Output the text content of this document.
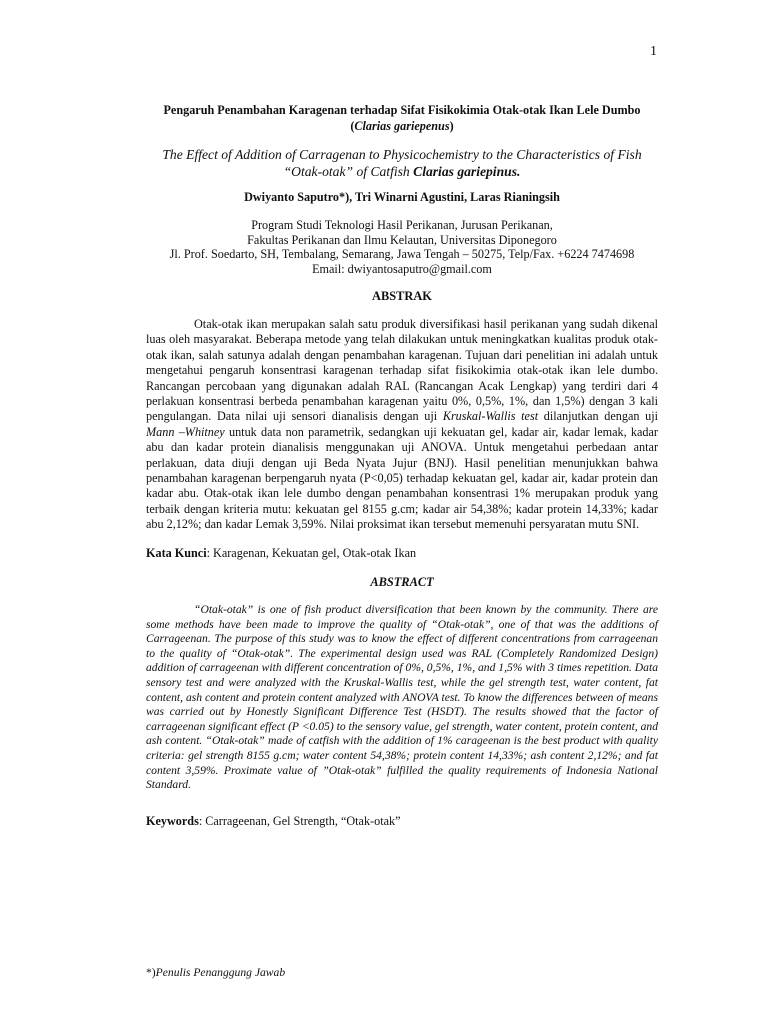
1
Pengaruh Penambahan Karagenan terhadap Sifat Fisikokimia Otak-otak Ikan Lele Dumbo
(Clarias gariepenus)
The Effect of Addition of Carragenan to Physicochemistry to the Characteristics of Fish
“Otak-otak” of Catfish Clarias gariepinus.
Dwiyanto Saputro*), Tri Winarni Agustini, Laras Rianingsih
Program Studi Teknologi Hasil Perikanan, Jurusan Perikanan,
Fakultas Perikanan dan Ilmu Kelautan, Universitas Diponegoro
Jl. Prof. Soedarto, SH, Tembalang, Semarang, Jawa Tengah – 50275, Telp/Fax. +6224 7474698
Email: dwiyantosaputro@gmail.com
ABSTRAK

Otak-otak ikan merupakan salah satu produk diversifikasi hasil perikanan yang sudah dikenal luas oleh masyarakat. Beberapa metode yang telah dilakukan untuk meningkatkan kualitas produk otak-otak ikan, salah satunya adalah dengan penambahan karagenan. Tujuan dari penelitian ini adalah untuk mengetahui pengaruh konsentrasi karagenan terhadap sifat fisikokimia otak-otak ikan lele dumbo. Rancangan percobaan yang digunakan adalah RAL (Rancangan Acak Lengkap) yang terdiri dari 4 perlakuan konsentrasi berbeda penambahan karagenan yaitu 0%, 0,5%, 1%, dan 1,5%) dengan 3 kali pengulangan. Data nilai uji sensori dianalisis dengan uji Kruskal-Wallis test dilanjutkan dengan uji Mann –Whitney untuk data non parametrik, sedangkan uji kekuatan gel, kadar air, kadar lemak, kadar abu dan kadar protein dianalisis menggunakan uji ANOVA. Untuk mengetahui perbedaan antar perlakuan, data diuji dengan uji Beda Nyata Jujur (BNJ). Hasil penelitian menunjukkan bahwa penambahan karagenan berpengaruh nyata (P<0,05) terhadap kekuatan gel, kadar air, kadar protein dan kadar abu. Otak-otak ikan lele dumbo dengan penambahan konsentrasi 1% merupakan produk yang terbaik dengan kriteria mutu: kekuatan gel 8155 g.cm; kadar air 54,38%; kadar protein 14,33%; kadar abu 2,12%; dan kadar Lemak 3,59%. Nilai proksimat ikan tersebut memenuhi persyaratan mutu SNI.

Kata Kunci: Karagenan, Kekuatan gel, Otak-otak Ikan
ABSTRACT

“Otak-otak” is one of fish product diversification that been known by the community. There are some methods have been made to improve the quality of “Otak-otak”, one of that was the additions of Carrageenan. The purpose of this study was to know the effect of different concentrations from carrageenan to the quality of “Otak-otak”. The experimental design used was RAL (Completely Randomized Design) addition of carrageenan with different concentration of 0%, 0,5%, 1%, and 1,5% with 3 times repetition. Data sensory test and were analyzed with the Kruskal-Wallis test, while the gel strength test, water content, fat content, ash content and protein content analyzed with ANOVA test. To know the differences between of means was carried out by Honestly Significant Difference Test (HSDT). The results showed that the factor of carrageenan significant effect (P <0.05) to the sensory value, gel strength, water content, protein content, and ash content. “Otak-otak” made of catfish with the addition of 1% carageenan is the best product with quality criteria: gel strength 8155 g.cm; water content 54,38%; protein content 14,33%; ash content 2,12%; and fat content 3,59%. Proximate value of ”Otak-otak” fulfilled the quality requirements of Indonesia National Standard.

Keywords: Carrageenan, Gel Strength, “Otak-otak”
*)Penulis Penanggung Jawab
